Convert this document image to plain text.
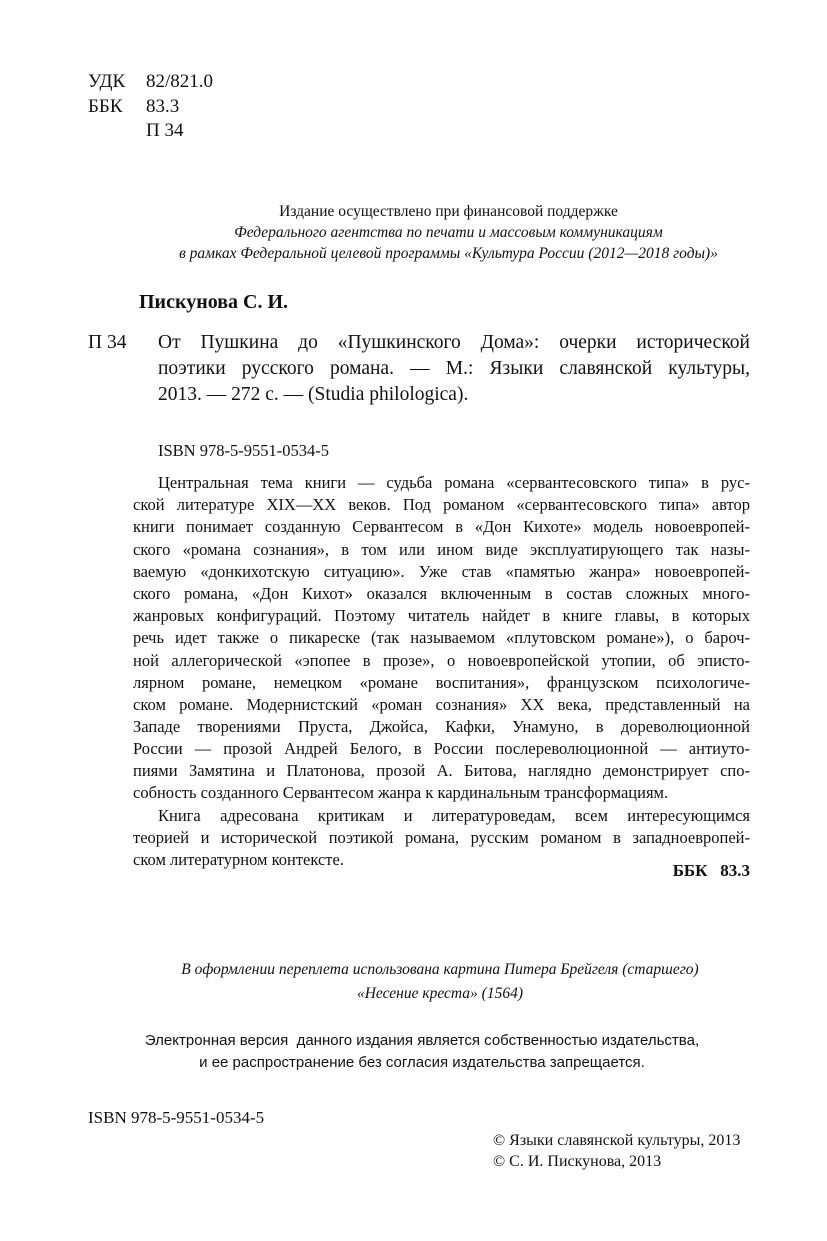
УДК 82/821.0
ББК 83.3
П 34
Издание осуществлено при финансовой поддержке
Федерального агентства по печати и массовым коммуникациям
в рамках Федеральной целевой программы «Культура России (2012—2018 годы)»
Пискунова С. И.
П 34 От Пушкина до «Пушкинского Дома»: очерки исторической
поэтики русского романа. — М.: Языки славянской культуры,
2013. — 272 с. — (Studia philologica).
ISBN 978-5-9551-0534-5
Центральная тема книги — судьба романа «сервантесовского типа» в рус-
ской литературе XIX—XX веков. Под романом «сервантесовского типа» автор
книги понимает созданную Сервантесом в «Дон Кихоте» модель новоевропей-
ского «романа сознания», в том или ином виде эксплуатирующего так назы-
ваемую «донкихотскую ситуацию». Уже став «памятью жанра» новоевропей-
ского романа, «Дон Кихот» оказался включенным в состав сложных много-
жанровых конфигураций. Поэтому читатель найдет в книге главы, в которых
речь идет также о пикареске (так называемом «плутовском романе»), о бароч-
ной аллегорической «эпопее в прозе», о новоевропейской утопии, об эписто-
лярном романе, немецком «романе воспитания», французском психологиче-
ском романе. Модернистский «роман сознания» XX века, представленный на
Западе творениями Пруста, Джойса, Кафки, Унамуно, в дореволюционной
России — прозой Андрей Белого, в России послереволюционной — антиуто-
пиями Замятина и Платонова, прозой А. Битова, наглядно демонстрирует спо-
собность созданного Сервантесом жанра к кардинальным трансформациям.
Книга адресована критикам и литературоведам, всем интересующимся
теорией и исторической поэтикой романа, русским романом в западноевропей-
ском литературном контексте.
ББК   83.3
В оформлении переплета использована картина Питера Брейгеля (старшего)
«Несение креста» (1564)
Электронная версия  данного издания является собственностью издательства,
и ее распространение без согласия издательства запрещается.
ISBN 978-5-9551-0534-5
© Языки славянской культуры, 2013
© С. И. Пискунова, 2013
